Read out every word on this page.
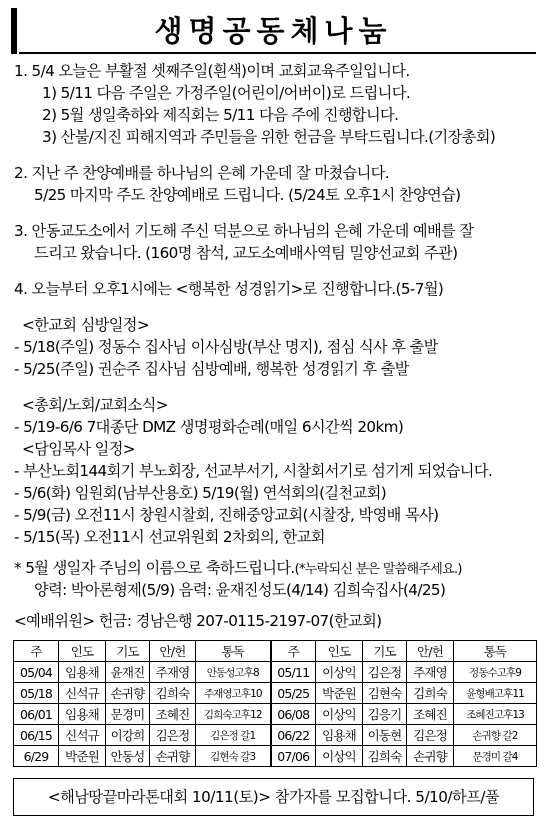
생명공동체나눔
1. 5/4 오늘은 부활절 셋째주일(흰색)이며 교회교육주일입니다.
1) 5/11 다음 주일은 가정주일(어린이/어버이)로 드립니다.
2) 5월 생일축하와 제직회는 5/11 다음 주에 진행합니다.
3) 산불/지진 피해지역과 주민들을 위한 헌금을 부탁드립니다.(기장총회)
2. 지난 주 찬양예배를 하나님의 은혜 가운데 잘 마쳤습니다.
5/25 마지막 주도 찬양예배로 드립니다. (5/24토 오후1시 찬양연습)
3. 안동교도소에서 기도해 주신 덕분으로 하나님의 은혜 가운데 예배를 잘
드리고 왔습니다. (160명 참석, 교도소예배사역팀 밀양선교회 주관)
4. 오늘부터 오후1시에는 <행복한 성경읽기>로 진행합니다.(5-7월)
<한교회 심방일정>
- 5/18(주일) 정동수 집사님 이사심방(부산 명지), 점심 식사 후 출발
- 5/25(주일) 권순주 집사님 심방예배, 행복한 성경읽기 후 출발
<총회/노회/교회소식>
- 5/19-6/6 7대종단 DMZ 생명평화순례(매일 6시간씩 20km)
<담임목사 일정>
- 부산노회144회기 부노회장, 선교부서기, 시찰회서기로 섬기게 되었습니다.
- 5/6(화) 임원회(남부산용호) 5/19(월) 연석회의(길천교회)
- 5/9(금) 오전11시 창원시찰회, 진해중앙교회(시찰장, 박영배 목사)
- 5/15(목) 오전11시 선교위원회 2차회의, 한교회
* 5월 생일자 주님의 이름으로 축하드립니다.(*누락되신 분은 말씀해주세요.)
양력: 박아론형제(5/9) 음력: 윤재진성도(4/14) 김희숙집사(4/25)
<예배위원> 헌금: 경남은행 207-0115-2197-07(한교회)
주	인도	기도	안/헌	통독	주	인도	기도	안/헌	통독
05/04	임용채	윤재진	주재영	안동성고후8	05/11	이상익	김은정	주재영	정동수고후9
05/18	신석규	손귀향	김희숙	주재영고후10	05/25	박준원	김현숙	김희숙	윤형배고후11
06/01	임용채	문경미	조혜진	김희숙고후12	06/08	이상익	김응기	조혜진	조혜진고후13
06/15	신석규	이강희	김은정	김은정 갈1	06/22	임용채	이동현	김은정	손귀향 갈2
6/29	박준원	안동성	손귀향	김현숙 갈3	07/06	이상익	김희숙	손귀향	문경미 갈4
<해남땅끝마라톤대회 10/11(토)> 참가자를 모집합니다. 5/10/하프/풀
